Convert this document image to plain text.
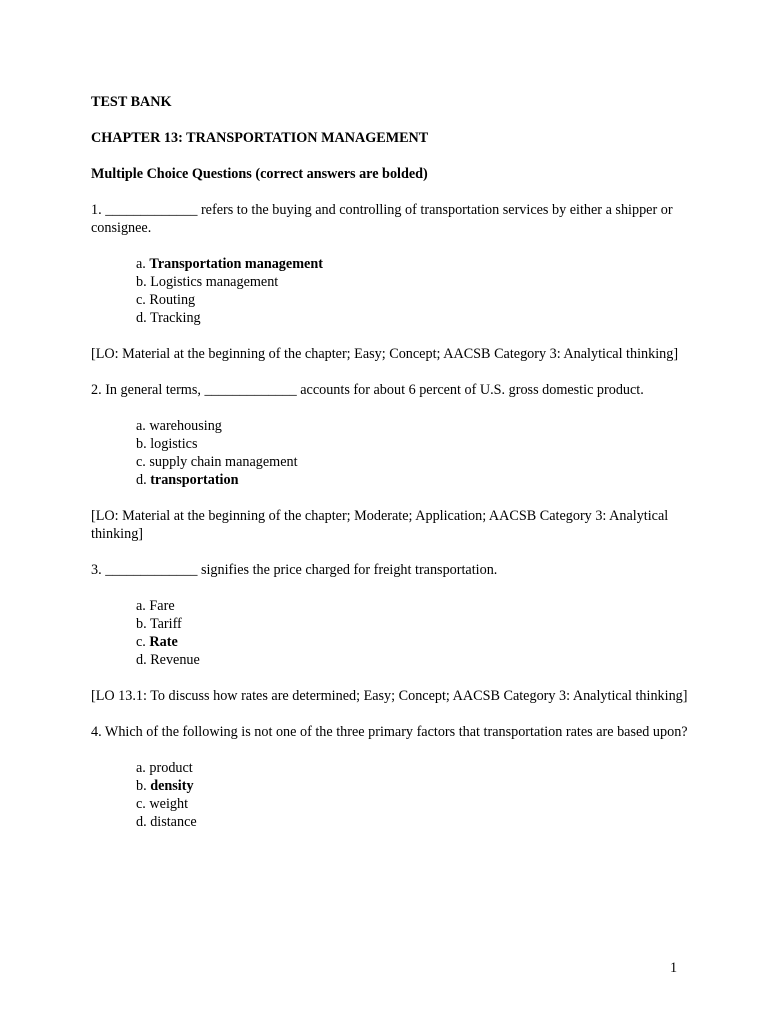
TEST BANK
CHAPTER 13: TRANSPORTATION MANAGEMENT
Multiple Choice Questions (correct answers are bolded)
1. _____________ refers to the buying and controlling of transportation services by either a shipper or consignee.
a. Transportation management
b. Logistics management
c. Routing
d. Tracking
[LO: Material at the beginning of the chapter; Easy; Concept; AACSB Category 3: Analytical thinking]
2. In general terms, _____________ accounts for about 6 percent of U.S. gross domestic product.
a. warehousing
b. logistics
c. supply chain management
d. transportation
[LO: Material at the beginning of the chapter; Moderate; Application; AACSB Category 3: Analytical thinking]
3. _____________ signifies the price charged for freight transportation.
a. Fare
b. Tariff
c. Rate
d. Revenue
[LO 13.1: To discuss how rates are determined; Easy; Concept; AACSB Category 3: Analytical thinking]
4. Which of the following is not one of the three primary factors that transportation rates are based upon?
a. product
b. density
c. weight
d. distance
1
